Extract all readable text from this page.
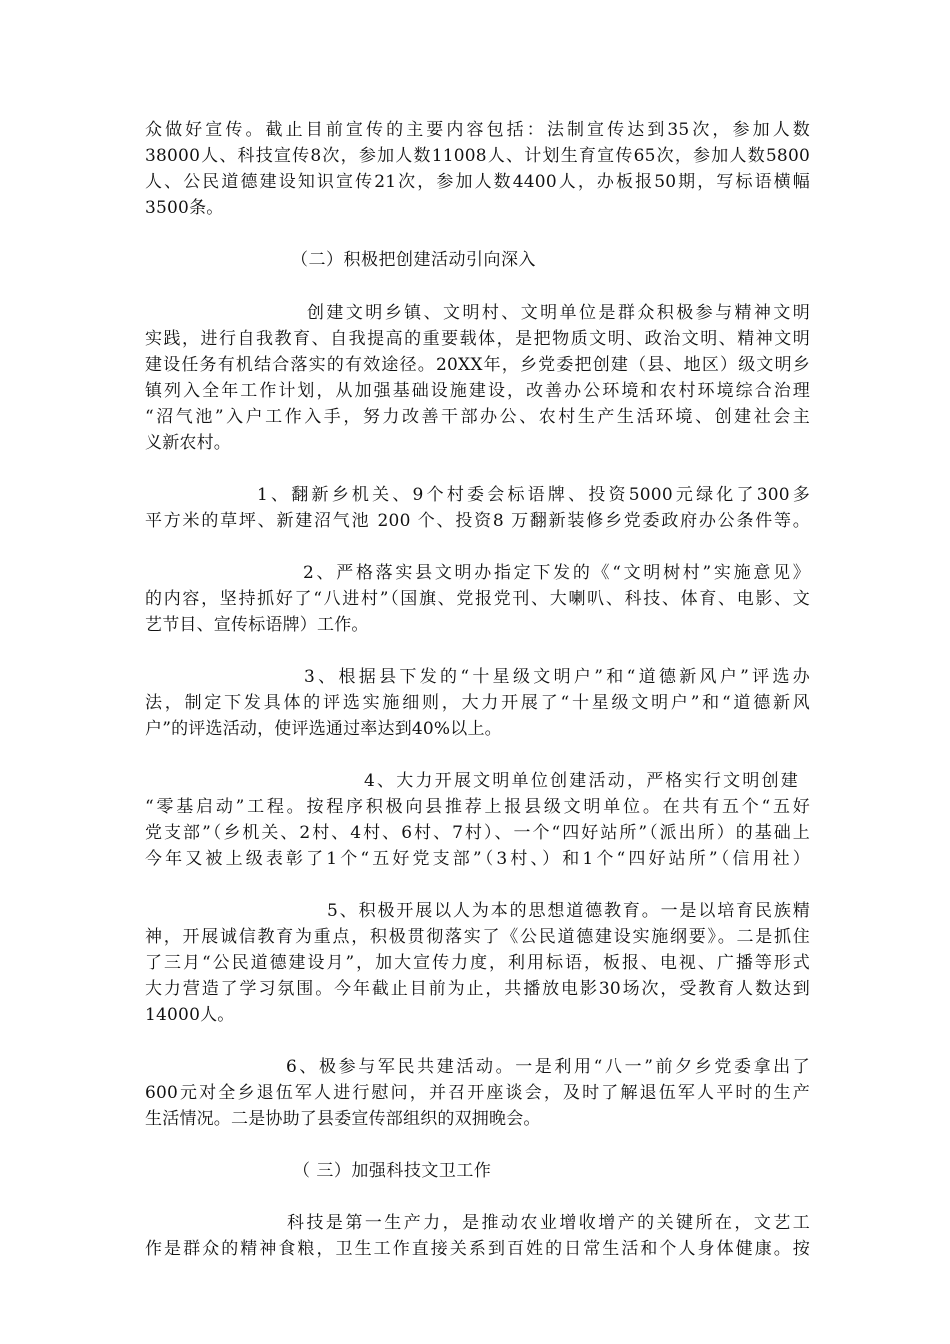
众做好宣传。截止目前宣传的主要内容包括：法制宣传达到35次，参加人数
38000人、科技宣传8次，参加人数11008人、计划生育宣传65次，参加人数5800
人、公民道德建设知识宣传21次，参加人数4400人，办板报50期，写标语横幅
3500条。
（二）积极把创建活动引向深入
创建文明乡镇、文明村、文明单位是群众积极参与精神文明
实践，进行自我教育、自我提高的重要载体，是把物质文明、政治文明、精神文明
建设任务有机结合落实的有效途径。20XX年，乡党委把创建（县、地区）级文明乡
镇列入全年工作计划，从加强基础设施建设，改善办公环境和农村环境综合治理
“沼气池”入户工作入手，努力改善干部办公、农村生产生活环境、创建社会主
义新农村。
1、翻新乡机关、9个村委会标语牌、投资5000元绿化了300多
平方米的草坪、新建沼气池 200 个、投资8 万翻新装修乡党委政府办公条件等。
2、严格落实县文明办指定下发的《“文明树村”实施意见》
的内容，坚持抓好了“八进村”（国旗、党报党刊、大喇叭、科技、体育、电影、文
艺节目、宣传标语牌）工作。
3、根据县下发的“十星级文明户”和“道德新风户”评选办
法，制定下发具体的评选实施细则，大力开展了“十星级文明户”和“道德新风
户”的评选活动，使评选通过率达到40%以上。
4、大力开展文明单位创建活动，严格实行文明创建
“零基启动”工程。按程序积极向县推荐上报县级文明单位。在共有五个“五好
党支部”（乡机关、2村、4村、6村、7村）、一个“四好站所”（派出所）的基础上
今年又被上级表彰了1个“五好党支部”（3村、）和1个“四好站所”（信用社）
5、积极开展以人为本的思想道德教育。一是以培育民族精
神，开展诚信教育为重点，积极贯彻落实了《公民道德建设实施纲要》。二是抓住
了三月“公民道德建设月”，加大宣传力度，利用标语，板报、电视、广播等形式
大力营造了学习氛围。今年截止目前为止，共播放电影30场次，受教育人数达到
14000人。
6、极参与军民共建活动。一是利用“八一”前夕乡党委拿出了
600元对全乡退伍军人进行慰问，并召开座谈会，及时了解退伍军人平时的生产
生活情况。二是协助了县委宣传部组织的双拥晚会。
（ 三）加强科技文卫工作
科技是第一生产力，是推动农业增收增产的关键所在，文艺工
作是群众的精神食粮，卫生工作直接关系到百姓的日常生活和个人身体健康。按
